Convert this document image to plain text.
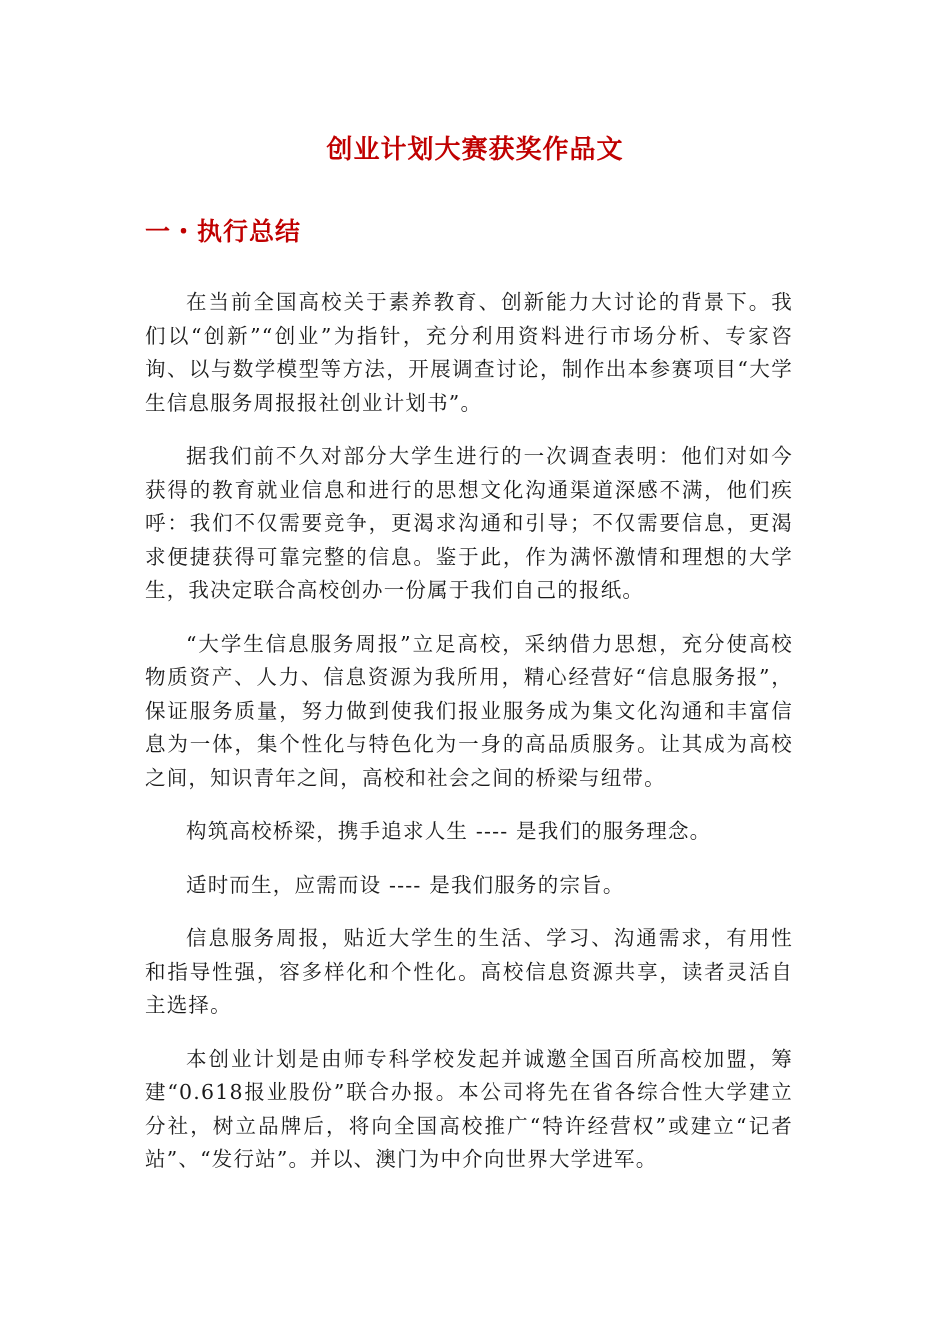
创业计划大赛获奖作品文
一・执行总结

在当前全国高校关于素养教育、创新能力大讨论的背景下。我们以“创新”“创业”为指针，充分利用资料进行市场分析、专家咨询、以与数学模型等方法，开展调查讨论，制作出本参赛项目“大学生信息服务周报报社创业计划书”。

据我们前不久对部分大学生进行的一次调查表明：他们对如今获得的教育就业信息和进行的思想文化沟通渠道深感不满，他们疾呼：我们不仅需要竞争，更渴求沟通和引导；不仅需要信息，更渴求便捷获得可靠完整的信息。鉴于此，作为满怀激情和理想的大学生，我决定联合高校创办一份属于我们自己的报纸。

“大学生信息服务周报”立足高校，采纳借力思想，充分使高校物质资产、人力、信息资源为我所用，精心经营好“信息服务报”，保证服务质量，努力做到使我们报业服务成为集文化沟通和丰富信息为一体，集个性化与特色化为一身的高品质服务。让其成为高校之间，知识青年之间，高校和社会之间的桥梁与纽带。

构筑高校桥梁，携手追求人生 ---- 是我们的服务理念。

适时而生，应需而设 ---- 是我们服务的宗旨。

信息服务周报，贴近大学生的生活、学习、沟通需求，有用性和指导性强，容多样化和个性化。高校信息资源共享，读者灵活自主选择。

本创业计划是由师专科学校发起并诚邀全国百所高校加盟，筹建“0.618报业股份”联合办报。本公司将先在省各综合性大学建立分社，树立品牌后，将向全国高校推广“特许经营权”或建立“记者站”、“发行站”。并以、澳门为中介向世界大学进军。
